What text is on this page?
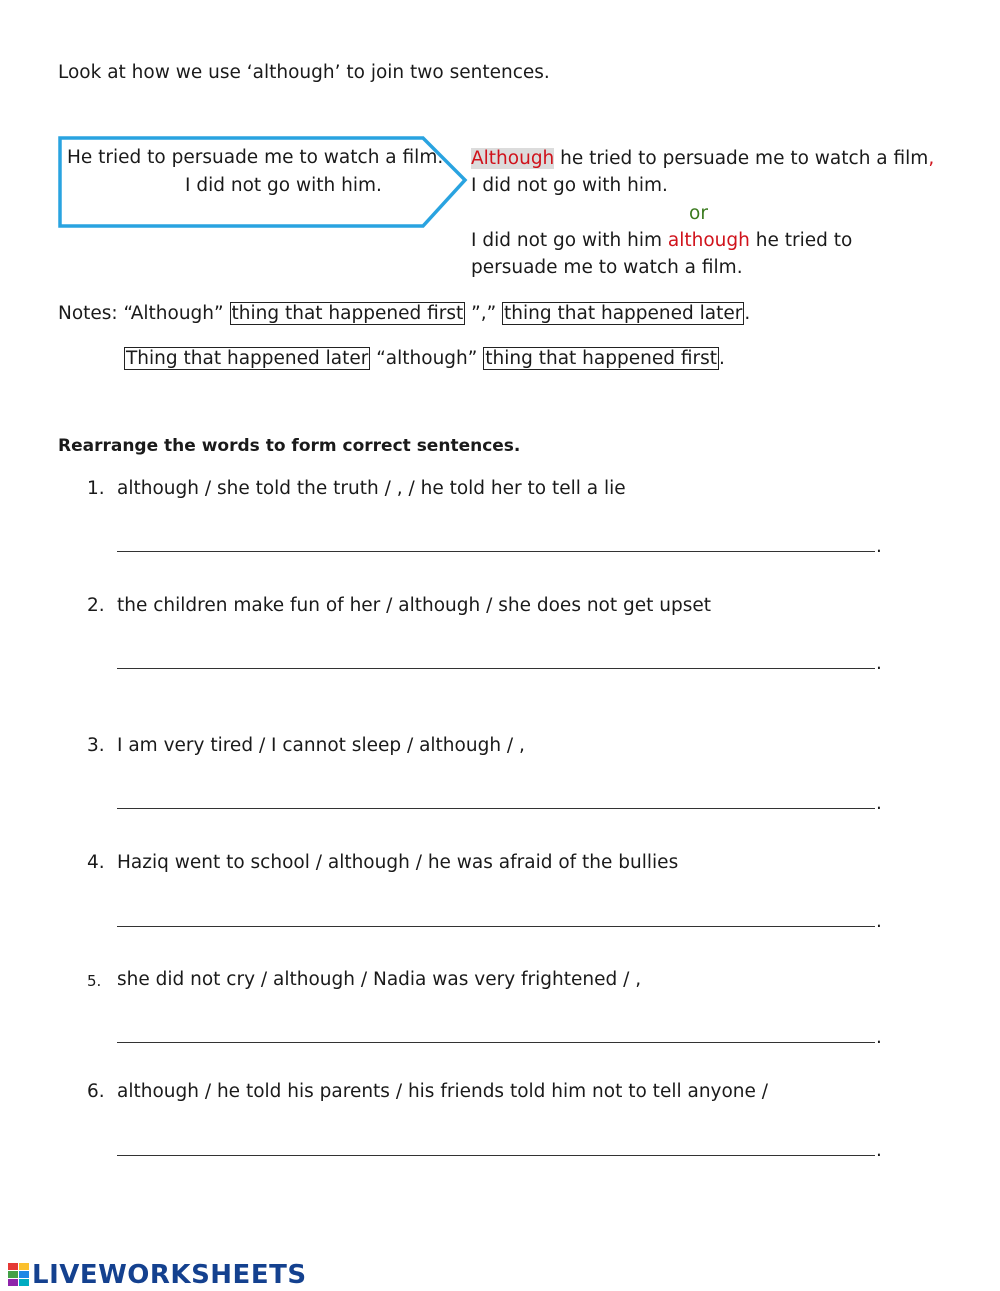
Look at how we use ‘although’ to join two sentences.
He tried to persuade me to watch a film.
I did not go with him.
Although he tried to persuade me to watch a film,
I did not go with him.
or
I did not go with him although he tried to
persuade me to watch a film.
Notes: “Although” thing that happened first ”,” thing that happened later .
Thing that happened later “although” thing that happened first .
Rearrange the words to form correct sentences.
1. although / she told the truth / , / he told her to tell a lie
.
2. the children make fun of her / although / she does not get upset
.
3. I am very tired / I cannot sleep / although / ,
.
4. Haziq went to school / although / he was afraid of the bullies
.
5. she did not cry / although / Nadia was very frightened / ,
.
6. although / he told his parents / his friends told him not to tell anyone /
.
LIVEWORKSHEETS
